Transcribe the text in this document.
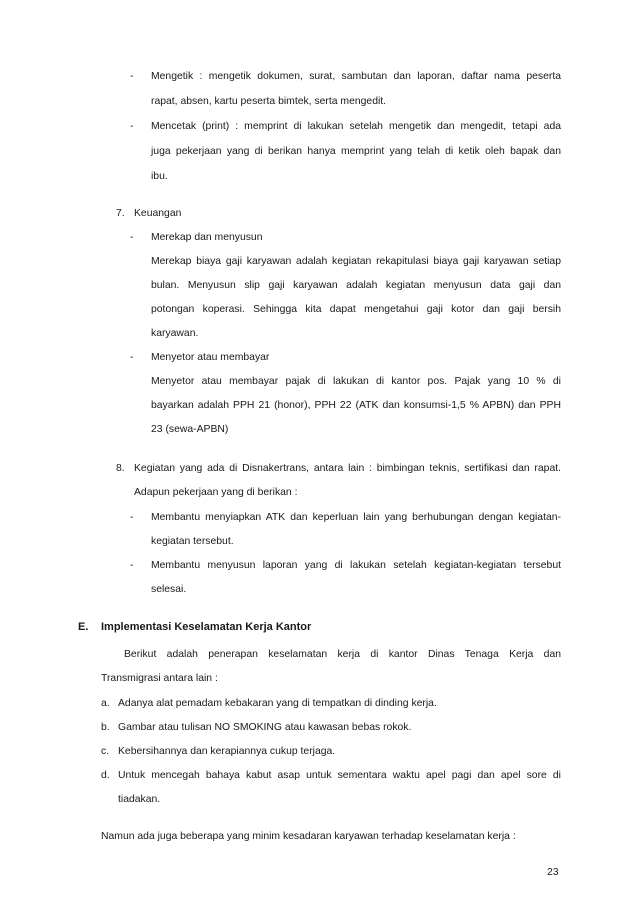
- Mengetik : mengetik dokumen, surat, sambutan dan laporan, daftar nama peserta
rapat, absen, kartu peserta bimtek, serta mengedit.
- Mencetak (print) : memprint di lakukan setelah mengetik dan mengedit, tetapi ada
juga pekerjaan yang di berikan hanya memprint yang telah di ketik oleh bapak dan
ibu.
7. Keuangan
- Merekap dan menyusun
Merekap biaya gaji karyawan adalah kegiatan rekapitulasi biaya gaji karyawan setiap
bulan. Menyusun slip gaji karyawan adalah kegiatan menyusun data gaji dan
potongan koperasi. Sehingga kita dapat mengetahui gaji kotor dan gaji bersih
karyawan.
- Menyetor atau membayar
Menyetor atau membayar pajak di lakukan di kantor pos. Pajak yang 10 % di
bayarkan adalah PPH 21 (honor), PPH 22 (ATK dan konsumsi-1,5 % APBN) dan PPH
23 (sewa-APBN)
8. Kegiatan yang ada di Disnakertrans, antara lain : bimbingan teknis, sertifikasi dan rapat.
Adapun pekerjaan yang di berikan :
- Membantu menyiapkan ATK dan keperluan lain yang berhubungan dengan kegiatan-
kegiatan tersebut.
- Membantu menyusun laporan yang di lakukan setelah kegiatan-kegiatan tersebut
selesai.
E. Implementasi Keselamatan Kerja Kantor
Berikut adalah penerapan keselamatan kerja di kantor Dinas Tenaga Kerja dan
Transmigrasi antara lain :
a. Adanya alat pemadam kebakaran yang di tempatkan di dinding kerja.
b. Gambar atau tulisan NO SMOKING atau kawasan bebas rokok.
c. Kebersihannya dan kerapiannya cukup terjaga.
d. Untuk mencegah bahaya kabut asap untuk sementara waktu apel pagi dan apel sore di
tiadakan.
Namun ada juga beberapa yang minim kesadaran karyawan terhadap keselamatan kerja :
23
